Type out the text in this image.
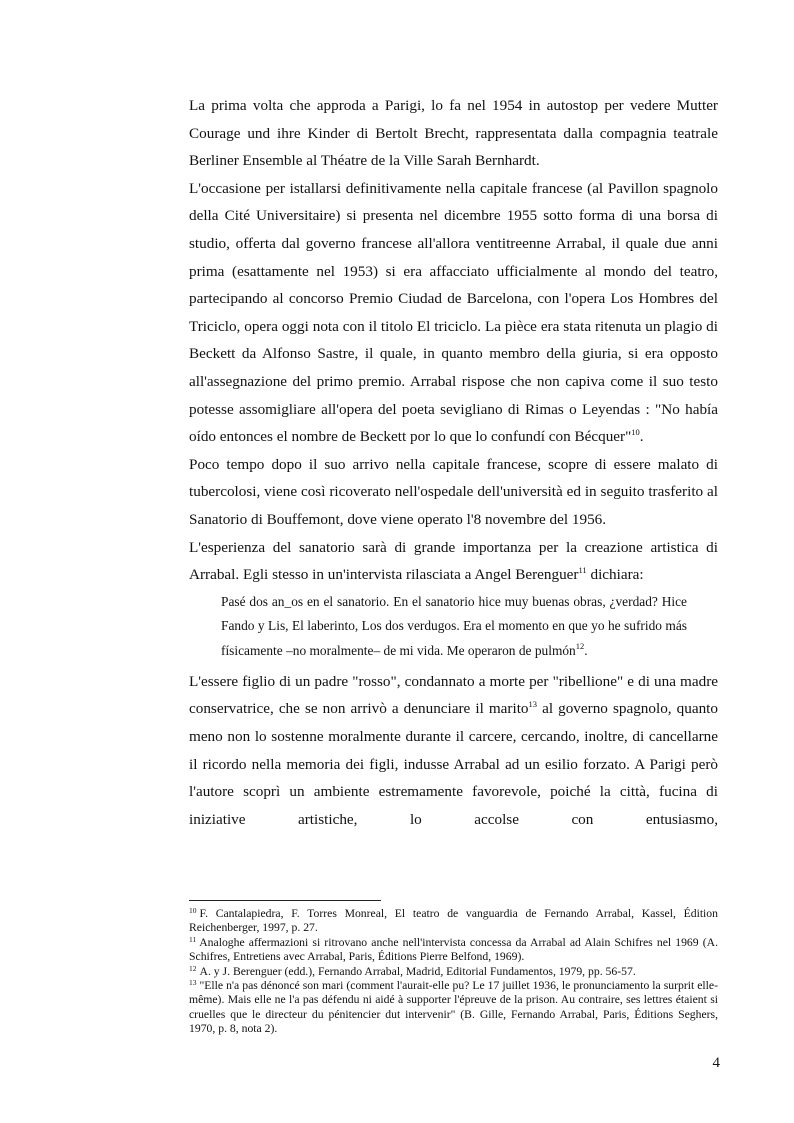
La prima volta che approda a Parigi, lo fa nel 1954 in autostop per vedere Mutter Courage und ihre Kinder di Bertolt Brecht, rappresentata dalla compagnia teatrale Berliner Ensemble al Théatre de la Ville Sarah Bernhardt.

L'occasione per istallarsi definitivamente nella capitale francese (al Pavillon spagnolo della Cité Universitaire) si presenta nel dicembre 1955 sotto forma di una borsa di studio, offerta dal governo francese all'allora ventitreenne Arrabal, il quale due anni prima (esattamente nel 1953) si era affacciato ufficialmente al mondo del teatro, partecipando al concorso Premio Ciudad de Barcelona, con l'opera Los Hombres del Triciclo, opera oggi nota con il titolo El triciclo. La pièce era stata ritenuta un plagio di Beckett da Alfonso Sastre, il quale, in quanto membro della giuria, si era opposto all'assegnazione del primo premio. Arrabal rispose che non capiva come il suo testo potesse assomigliare all'opera del poeta sevigliano di Rimas o Leyendas : "No había oído entonces el nombre de Beckett por lo que lo confundí con Bécquer"$^{10}$.

Poco tempo dopo il suo arrivo nella capitale francese, scopre di essere malato di tubercolosi, viene così ricoverato nell'ospedale dell'università ed in seguito trasferito al Sanatorio di Bouffemont, dove viene operato l'8 novembre del 1956.

L'esperienza del sanatorio sarà di grande importanza per la creazione artistica di Arrabal. Egli stesso in un'intervista rilasciata a Angel Berenguer$^{11}$ dichiara:

Pasé dos an_os en el sanatorio. En el sanatorio hice muy buenas obras, ¿verdad? Hice Fando y Lis, El laberinto, Los dos verdugos. Era el momento en que yo he sufrido más físicamente –no moralmente– de mi vida. Me operaron de pulmón$^{12}$.

L'essere figlio di un padre "rosso", condannato a morte per "ribellione" e di una madre conservatrice, che se non arrivò a denunciare il marito$^{13}$ al governo spagnolo, quanto meno non lo sostenne moralmente durante il carcere, cercando, inoltre, di cancellarne il ricordo nella memoria dei figli, indusse Arrabal ad un esilio forzato. A Parigi però l'autore scoprì un ambiente estremamente favorevole, poiché la città, fucina di iniziative artistiche, lo accolse con entusiasmo,

$^{10}$ F. Cantalapiedra, F. Torres Monreal, El teatro de vanguardia de Fernando Arrabal, Kassel, Édition Reichenberger, 1997, p. 27.

$^{11}$ Analoghe affermazioni si ritrovano anche nell'intervista concessa da Arrabal ad Alain Schifres nel 1969 (A. Schifres, Entretiens avec Arrabal, Paris, Éditions Pierre Belfond, 1969).

$^{12}$ A. y J. Berenguer (edd.), Fernando Arrabal, Madrid, Editorial Fundamentos, 1979, pp. 56-57.

$^{13}$ "Elle n'a pas dénoncé son mari (comment l'aurait-elle pu? Le 17 juillet 1936, le pronunciamento la surprit elle-même). Mais elle ne l'a pas défendu ni aidé à supporter l'épreuve de la prison. Au contraire, ses lettres étaient si cruelles que le directeur du pénitencier dut intervenir" (B. Gille, Fernando Arrabal, Paris, Éditions Seghers, 1970, p. 8, nota 2).

4
